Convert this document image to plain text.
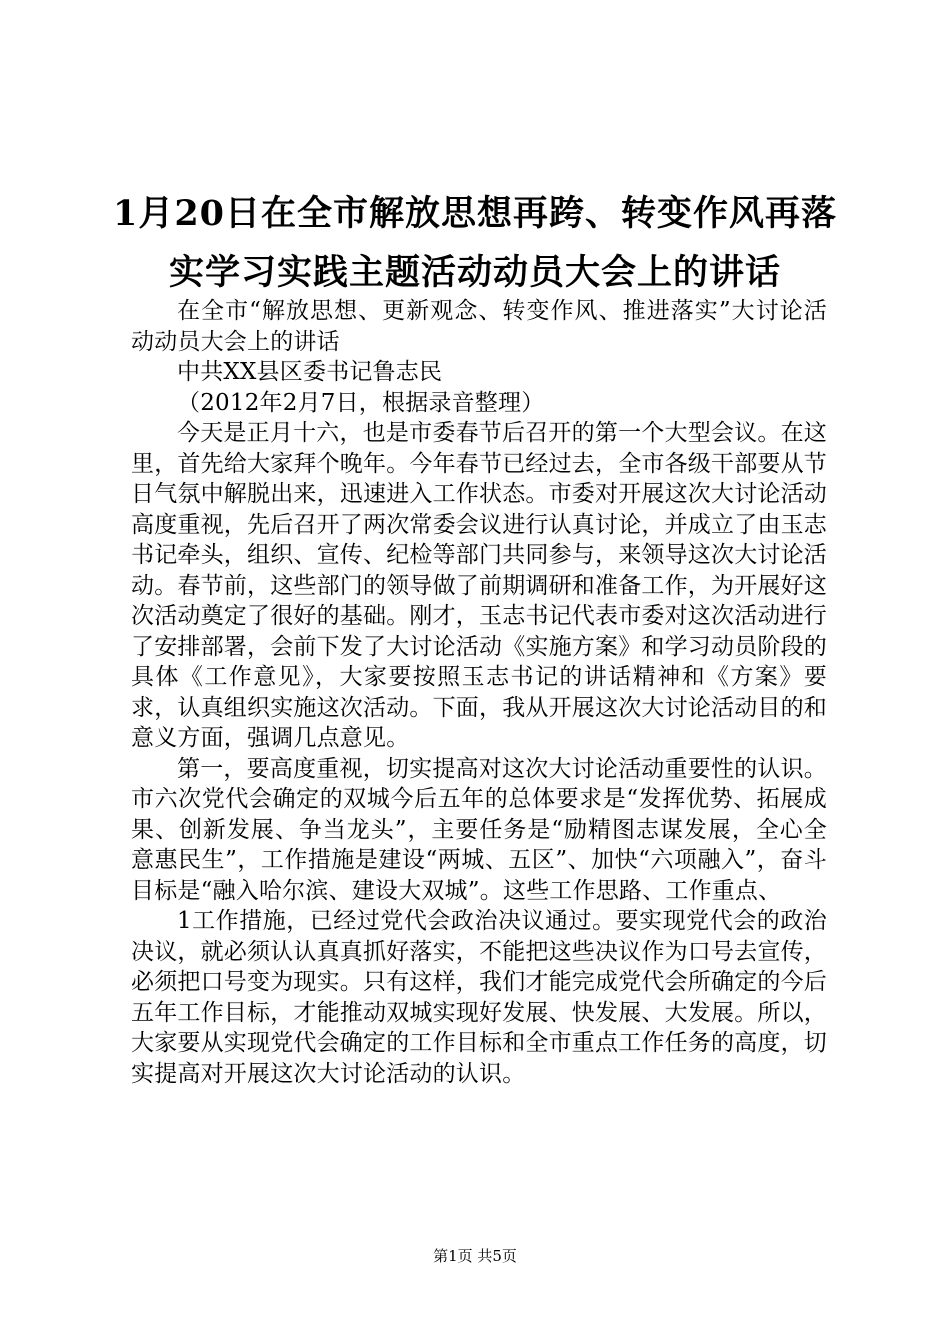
1月20日在全市解放思想再跨、转变作风再落
实学习实践主题活动动员大会上的讲话

在全市“解放思想、更新观念、转变作风、推进落实”大讨论活动动员大会上的讲话

中共XX县区委书记鲁志民

（2012年2月7日，根据录音整理）

今天是正月十六，也是市委春节后召开的第一个大型会议。在这里，首先给大家拜个晚年。今年春节已经过去，全市各级干部要从节日气氛中解脱出来，迅速进入工作状态。市委对开展这次大讨论活动高度重视，先后召开了两次常委会议进行认真讨论，并成立了由玉志书记牵头，组织、宣传、纪检等部门共同参与，来领导这次大讨论活动。春节前，这些部门的领导做了前期调研和准备工作，为开展好这次活动奠定了很好的基础。刚才，玉志书记代表市委对这次活动进行了安排部署，会前下发了大讨论活动《实施方案》和学习动员阶段的具体《工作意见》，大家要按照玉志书记的讲话精神和《方案》要求，认真组织实施这次活动。下面，我从开展这次大讨论活动目的和意义方面，强调几点意见。

第一，要高度重视，切实提高对这次大讨论活动重要性的认识。市六次党代会确定的双城今后五年的总体要求是“发挥优势、拓展成果、创新发展、争当龙头”，主要任务是“励精图志谋发展，全心全意惠民生”，工作措施是建设“两城、五区”、加快“六项融入”，奋斗目标是“融入哈尔滨、建设大双城”。这些工作思路、工作重点、

1工作措施，已经过党代会政治决议通过。要实现党代会的政治决议，就必须认认真真抓好落实，不能把这些决议作为口号去宣传，必须把口号变为现实。只有这样，我们才能完成党代会所确定的今后五年工作目标，才能推动双城实现好发展、快发展、大发展。所以，大家要从实现党代会确定的工作目标和全市重点工作任务的高度，切实提高对开展这次大讨论活动的认识。

第1页 共5页
